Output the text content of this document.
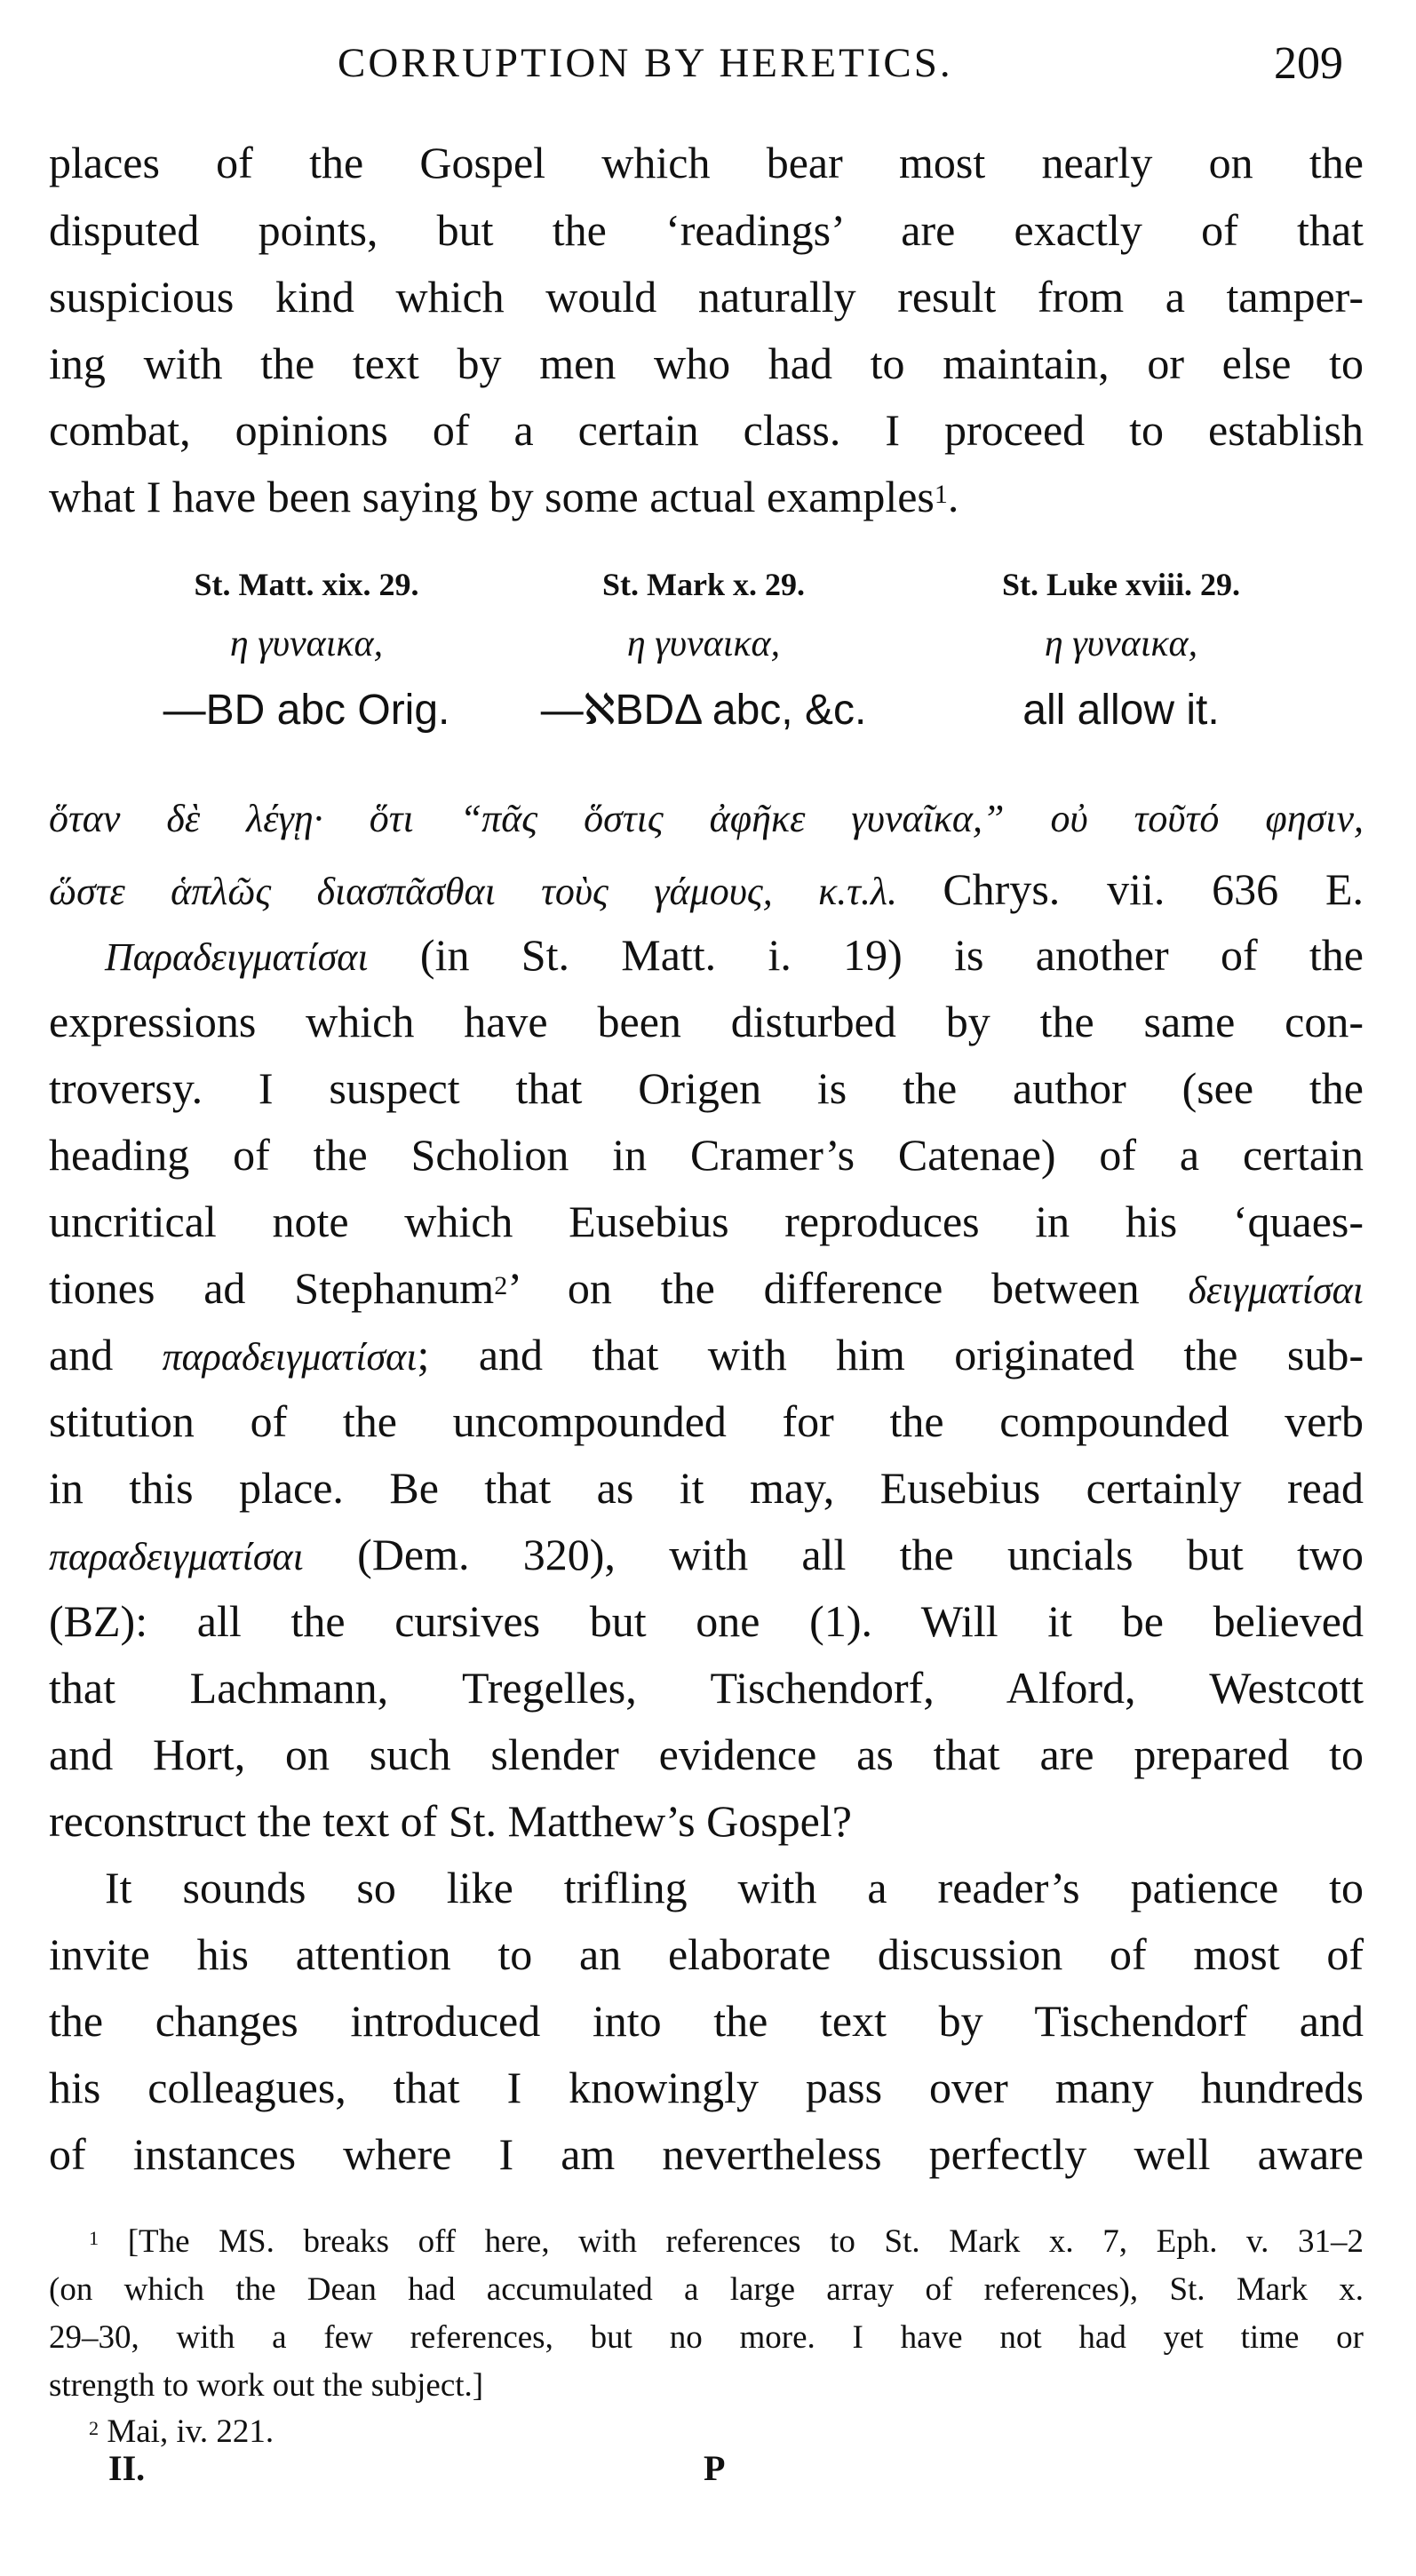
CORRUPTION BY HERETICS.	209
places of the Gospel which bear most nearly on the
disputed points, but the ‘readings’ are exactly of that
suspicious kind which would naturally result from a tamper-
ing with the text by men who had to maintain, or else to
combat, opinions of a certain class. I proceed to establish
what I have been saying by some actual examples$^1$.
St. Matt. xix. 29.
η γυναικα,
—BD abc Orig.
St. Mark x. 29.
η γυναικα,
—ℵBDΔ abc, &c.
St. Luke xviii. 29.
η γυναικα,
all allow it.
ὅταν δὲ λέγῃ· ὅτι “πᾶς ὅστις ἀφῆκε γυναῖκα,” οὐ τοῦτό φησιν,
ὥστε ἁπλῶς διασπᾶσθαι τοὺς γάμους, κ.τ.λ. Chrys. vii. 636 E.
Παραδειγματίσαι (in St. Matt. i. 19) is another of the
expressions which have been disturbed by the same con-
troversy. I suspect that Origen is the author (see the
heading of the Scholion in Cramer’s Catenae) of a certain
uncritical note which Eusebius reproduces in his ‘quaes-
tiones ad Stephanum$^2$’ on the difference between δειγματίσαι
and παραδειγματίσαι; and that with him originated the sub-
stitution of the uncompounded for the compounded verb
in this place. Be that as it may, Eusebius certainly read
παραδειγματίσαι (Dem. 320), with all the uncials but two
(BZ): all the cursives but one (1). Will it be believed
that Lachmann, Tregelles, Tischendorf, Alford, Westcott
and Hort, on such slender evidence as that are prepared to
reconstruct the text of St. Matthew’s Gospel?
It sounds so like trifling with a reader’s patience to
invite his attention to an elaborate discussion of most of
the changes introduced into the text by Tischendorf and
his colleagues, that I knowingly pass over many hundreds
of instances where I am nevertheless perfectly well aware
$^1$ [The MS. breaks off here, with references to St. Mark x. 7, Eph. v. 31–2
(on which the Dean had accumulated a large array of references), St. Mark x.
29–30, with a few references, but no more. I have not had yet time or
strength to work out the subject.]
$^2$ Mai, iv. 221.
II.	P
